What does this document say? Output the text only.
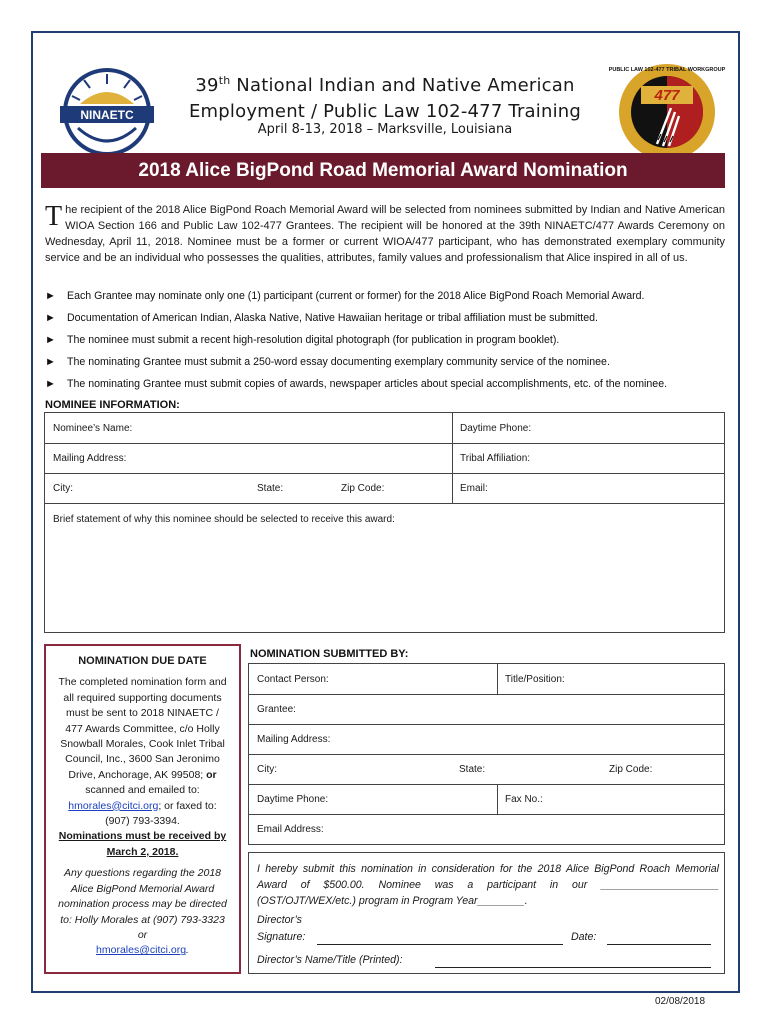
NINAETC
477
PUBLIC LAW 102-477 TRIBAL WORKGROUP
39th National Indian and Native American
Employment / Public Law 102-477 Training
April 8-13, 2018 – Marksville, Louisiana
2018 Alice BigPond Road Memorial Award Nomination
The recipient of the 2018 Alice BigPond Roach Memorial Award will be selected from nominees submitted by Indian and Native American WIOA Section 166 and Public Law 102-477 Grantees. The recipient will be honored at the 39th NINAETC/477 Awards Ceremony on Wednesday, April 11, 2018. Nominee must be a former or current WIOA/477 participant, who has demonstrated exemplary community service and be an individual who possesses the qualities, attributes, family values and professionalism that Alice inspired in all of us.
►	Each Grantee may nominate only one (1) participant (current or former) for the 2018 Alice BigPond Roach Memorial Award.
►	Documentation of American Indian, Alaska Native, Native Hawaiian heritage or tribal affiliation must be submitted.
►	The nominee must submit a recent high-resolution digital photograph (for publication in program booklet).
►	The nominating Grantee must submit a 250-word essay documenting exemplary community service of the nominee.
►	The nominating Grantee must submit copies of awards, newspaper articles about special accomplishments, etc. of the nominee.
NOMINEE INFORMATION:
Nominee’s Name:	Daytime Phone:
Mailing Address:	Tribal Affiliation:
City:	State:	Zip Code:	Email:
Brief statement of why this nominee should be selected to receive this award:
NOMINATION DUE DATE
The completed nomination form and all required supporting documents must be sent to 2018 NINAETC / 477 Awards Committee, c/o Holly Snowball Morales, Cook Inlet Tribal Council, Inc., 3600 San Jeronimo Drive, Anchorage, AK 99508; or scanned and emailed to:
hmorales@citci.org; or faxed to: (907) 793-3394.
Nominations must be received by March 2, 2018.
Any questions regarding the 2018 Alice BigPond Memorial Award nomination process may be directed to: Holly Morales at (907) 793-3323 or
hmorales@citci.org.
NOMINATION SUBMITTED BY:
Contact Person:	Title/Position:
Grantee:
Mailing Address:
City:	State:	Zip Code:
Daytime Phone:	Fax No.:
Email Address:
I hereby submit this nomination in consideration for the 2018 Alice BigPond Roach Memorial Award of $500.00. Nominee was a participant in our ____________________ (OST/OJT/WEX/etc.) program in Program Year________.
Director’s
Signature:	Date:
Director’s Name/Title (Printed):
02/08/2018
